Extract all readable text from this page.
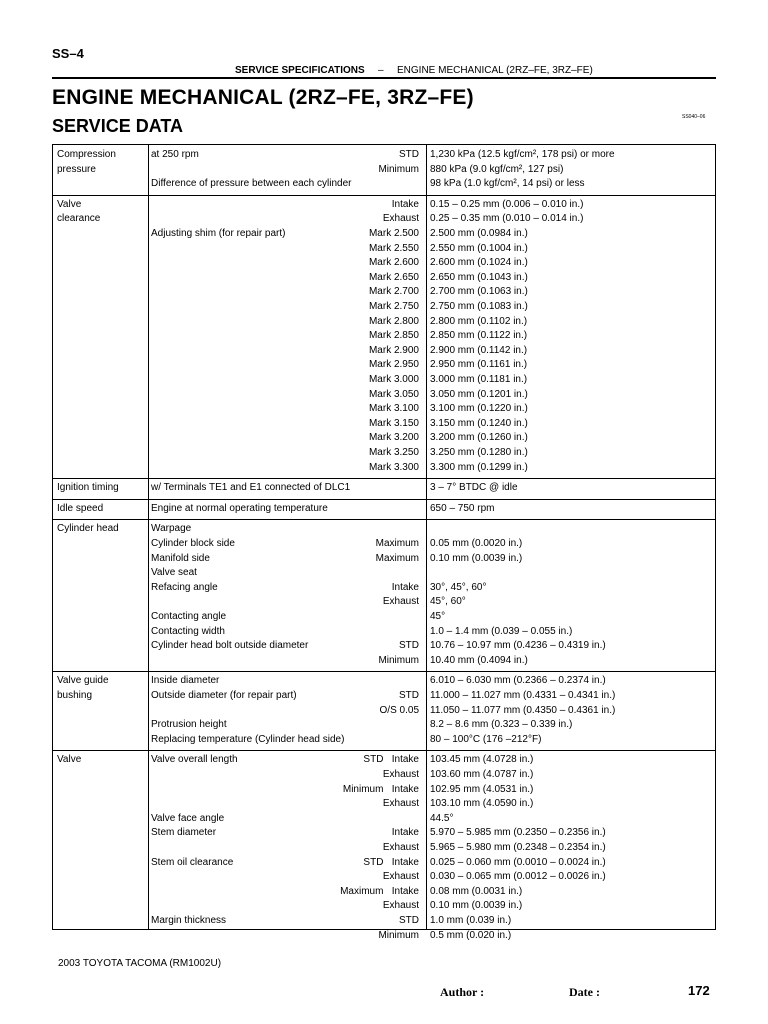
SS–4
SERVICE SPECIFICATIONS – ENGINE MECHANICAL (2RZ–FE, 3RZ–FE)
ENGINE MECHANICAL (2RZ–FE, 3RZ–FE)
SERVICE DATA	SS040–06
Compression
pressure
at 250 rpm	STD 1,230 kPa (12.5 kgf/cm², 178 psi) or more
Minimum 880 kPa (9.0 kgf/cm², 127 psi)
Difference of pressure between each cylinder	98 kPa (1.0 kgf/cm², 14 psi) or less
Valve
clearance
Intake 0.15 – 0.25 mm (0.006 – 0.010 in.)
Exhaust 0.25 – 0.35 mm (0.010 – 0.014 in.)
Adjusting shim (for repair part)	Mark 2.500 2.500 mm (0.0984 in.)
Mark 2.550 2.550 mm (0.1004 in.)
Mark 2.600 2.600 mm (0.1024 in.)
Mark 2.650 2.650 mm (0.1043 in.)
Mark 2.700 2.700 mm (0.1063 in.)
Mark 2.750 2.750 mm (0.1083 in.)
Mark 2.800 2.800 mm (0.1102 in.)
Mark 2.850 2.850 mm (0.1122 in.)
Mark 2.900 2.900 mm (0.1142 in.)
Mark 2.950 2.950 mm (0.1161 in.)
Mark 3.000 3.000 mm (0.1181 in.)
Mark 3.050 3.050 mm (0.1201 in.)
Mark 3.100 3.100 mm (0.1220 in.)
Mark 3.150 3.150 mm (0.1240 in.)
Mark 3.200 3.200 mm (0.1260 in.)
Mark 3.250 3.250 mm (0.1280 in.)
Mark 3.300 3.300 mm (0.1299 in.)
Ignition timing	w/ Terminals TE1 and E1 connected of DLC1	3 – 7° BTDC @ idle
Idle speed	Engine at normal operating temperature	650 – 750 rpm
Cylinder head	Warpage
Cylinder block side	Maximum 0.05 mm (0.0020 in.)
Manifold side	Maximum 0.10 mm (0.0039 in.)
Valve seat
Refacing angle	Intake 30°, 45°, 60°
Exhaust 45°, 60°
Contacting angle	45°
Contacting width	1.0 – 1.4 mm (0.039 – 0.055 in.)
Cylinder head bolt outside diameter	STD 10.76 – 10.97 mm (0.4236 – 0.4319 in.)
Minimum 10.40 mm (0.4094 in.)
Valve guide
bushing
Inside diameter	6.010 – 6.030 mm (0.2366 – 0.2374 in.)
Outside diameter (for repair part)	STD 11.000 – 11.027 mm (0.4331 – 0.4341 in.)
O/S 0.05 11.050 – 11.077 mm (0.4350 – 0.4361 in.)
Protrusion height	8.2 – 8.6 mm (0.323 – 0.339 in.)
Replacing temperature (Cylinder head side)	80 – 100°C (176 –212°F)
Valve	Valve overall length	STD   Intake 103.45 mm (4.0728 in.)
Exhaust 103.60 mm (4.0787 in.)
Minimum   Intake 102.95 mm (4.0531 in.)
Exhaust 103.10 mm (4.0590 in.)
Valve face angle	44.5°
Stem diameter	Intake 5.970 – 5.985 mm (0.2350 – 0.2356 in.)
Exhaust 5.965 – 5.980 mm (0.2348 – 0.2354 in.)
Stem oil clearance	STD   Intake 0.025 – 0.060 mm (0.0010 – 0.0024 in.)
Exhaust 0.030 – 0.065 mm (0.0012 – 0.0026 in.)
Maximum   Intake 0.08 mm (0.0031 in.)
Exhaust 0.10 mm (0.0039 in.)
Margin thickness	STD 1.0 mm (0.039 in.)
Minimum 0.5 mm (0.020 in.)
2003 TOYOTA TACOMA (RM1002U)
Author :	Date :	172
